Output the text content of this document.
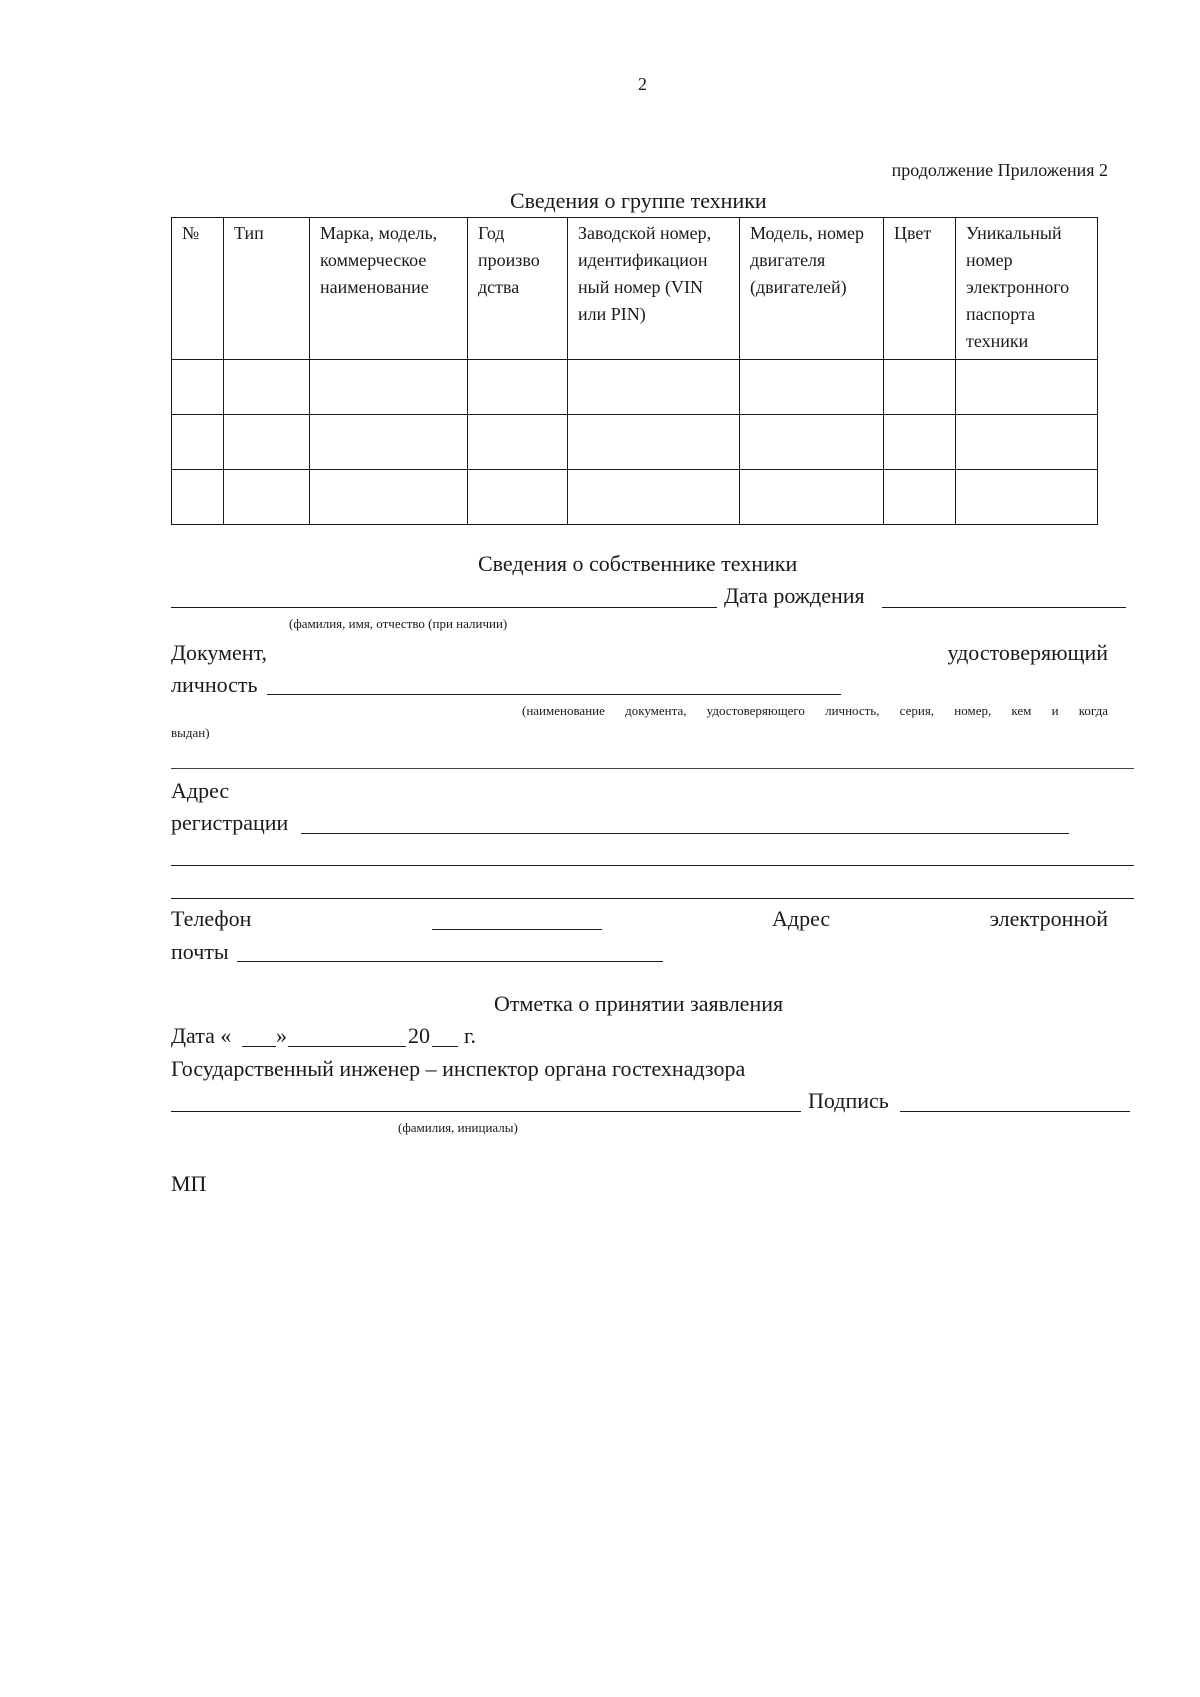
2
продолжение Приложения 2
Сведения о группе техники
№	Тип	Марка, модель, коммерческое наименование	Год произво дства	Заводской номер, идентификацион ный номер (VIN или PIN)	Модель, номер двигателя (двигателей)	Цвет	Уникальный номер электронного паспорта техники

Сведения о собственнике техники
Дата рождения
(фамилия, имя, отчество (при наличии)
Документ,	удостоверяющий
личность
(наименование документа, удостоверяющего личность, серия, номер, кем и когда
выдан)
Адрес
регистрации
Телефон	Адрес	электронной
почты
Отметка о принятии заявления
Дата « »	20 г.
Государственный инженер – инспектор органа гостехнадзора
Подпись
(фамилия, инициалы)
МП
